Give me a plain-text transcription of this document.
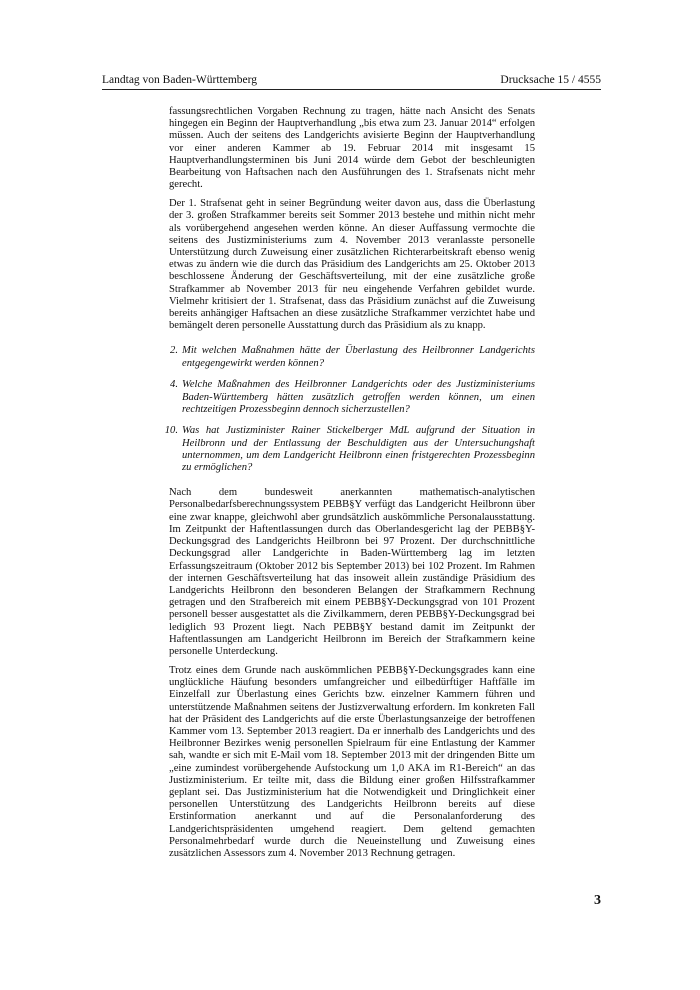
Landtag von Baden-Württemberg	Drucksache 15 / 4555

fassungsrechtlichen Vorgaben Rechnung zu tragen, hätte nach Ansicht des Senats hingegen ein Beginn der Hauptverhandlung „bis etwa zum 23. Januar 2014“ erfolgen müssen. Auch der seitens des Landgerichts avisierte Beginn der Hauptverhandlung vor einer anderen Kammer ab 19. Februar 2014 mit insgesamt 15 Hauptverhandlungsterminen bis Juni 2014 würde dem Gebot der beschleunigten Bearbeitung von Haftsachen nach den Ausführungen des 1. Strafsenats nicht mehr gerecht.

Der 1. Strafsenat geht in seiner Begründung weiter davon aus, dass die Überlastung der 3. großen Strafkammer bereits seit Sommer 2013 bestehe und mithin nicht mehr als vorübergehend angesehen werden könne. An dieser Auffassung vermochte die seitens des Justizministeriums zum 4. November 2013 veranlasste personelle Unterstützung durch Zuweisung einer zusätzlichen Richterarbeitskraft ebenso wenig etwas zu ändern wie die durch das Präsidium des Landgerichts am 25. Oktober 2013 beschlossene Änderung der Geschäftsverteilung, mit der eine zusätzliche große Strafkammer ab November 2013 für neu eingehende Verfahren gebildet wurde. Vielmehr kritisiert der 1. Strafsenat, dass das Präsidium zunächst auf die Zuweisung bereits anhängiger Haftsachen an diese zusätzliche Strafkammer verzichtet habe und bemängelt deren personelle Ausstattung durch das Präsidium als zu knapp.

2. Mit welchen Maßnahmen hätte der Überlastung des Heilbronner Landgerichts entgegengewirkt werden können?
4. Welche Maßnahmen des Heilbronner Landgerichts oder des Justizministeriums Baden-Württemberg hätten zusätzlich getroffen werden können, um einen rechtzeitigen Prozessbeginn dennoch sicherzustellen?
10. Was hat Justizminister Rainer Stickelberger MdL aufgrund der Situation in Heilbronn und der Entlassung der Beschuldigten aus der Untersuchungshaft unternommen, um dem Landgericht Heilbronn einen fristgerechten Prozessbeginn zu ermöglichen?

Nach dem bundesweit anerkannten mathematisch-analytischen Personalbedarfsberechnungssystem PEBB§Y verfügt das Landgericht Heilbronn über eine zwar knappe, gleichwohl aber grundsätzlich auskömmliche Personalausstattung. Im Zeitpunkt der Haftentlassungen durch das Oberlandesgericht lag der PEBB§Y-Deckungsgrad des Landgerichts Heilbronn bei 97 Prozent. Der durchschnittliche Deckungsgrad aller Landgerichte in Baden-Württemberg lag im letzten Erfassungszeitraum (Oktober 2012 bis September 2013) bei 102 Prozent. Im Rahmen der internen Geschäftsverteilung hat das insoweit allein zuständige Präsidium des Landgerichts Heilbronn den besonderen Belangen der Strafkammern Rechnung getragen und den Strafbereich mit einem PEBB§Y-Deckungsgrad von 101 Prozent personell besser ausgestattet als die Zivilkammern, deren PEBB§Y-Deckungsgrad bei lediglich 93 Prozent liegt. Nach PEBB§Y bestand damit im Zeitpunkt der Haftentlassungen am Landgericht Heilbronn im Bereich der Strafkammern keine personelle Unterdeckung.

Trotz eines dem Grunde nach auskömmlichen PEBB§Y-Deckungsgrades kann eine unglückliche Häufung besonders umfangreicher und eilbedürftiger Haftfälle im Einzelfall zur Überlastung eines Gerichts bzw. einzelner Kammern führen und unterstützende Maßnahmen seitens der Justizverwaltung erfordern. Im konkreten Fall hat der Präsident des Landgerichts auf die erste Überlastungsanzeige der betroffenen Kammer vom 13. September 2013 reagiert. Da er innerhalb des Landgerichts und des Heilbronner Bezirkes wenig personellen Spielraum für eine Entlastung der Kammer sah, wandte er sich mit E-Mail vom 18. September 2013 mit der dringenden Bitte um „eine zumindest vorübergehende Aufstockung um 1,0 AKA im R1-Bereich“ an das Justizministerium. Er teilte mit, dass die Bildung einer großen Hilfsstrafkammer geplant sei. Das Justizministerium hat die Notwendigkeit und Dringlichkeit einer personellen Unterstützung des Landgerichts Heilbronn bereits auf diese Erstinformation anerkannt und auf die Personalanforderung des Landgerichtspräsidenten umgehend reagiert. Dem geltend gemachten Personalmehrbedarf wurde durch die Neueinstellung und Zuweisung eines zusätzlichen Assessors zum 4. November 2013 Rechnung getragen.

3
